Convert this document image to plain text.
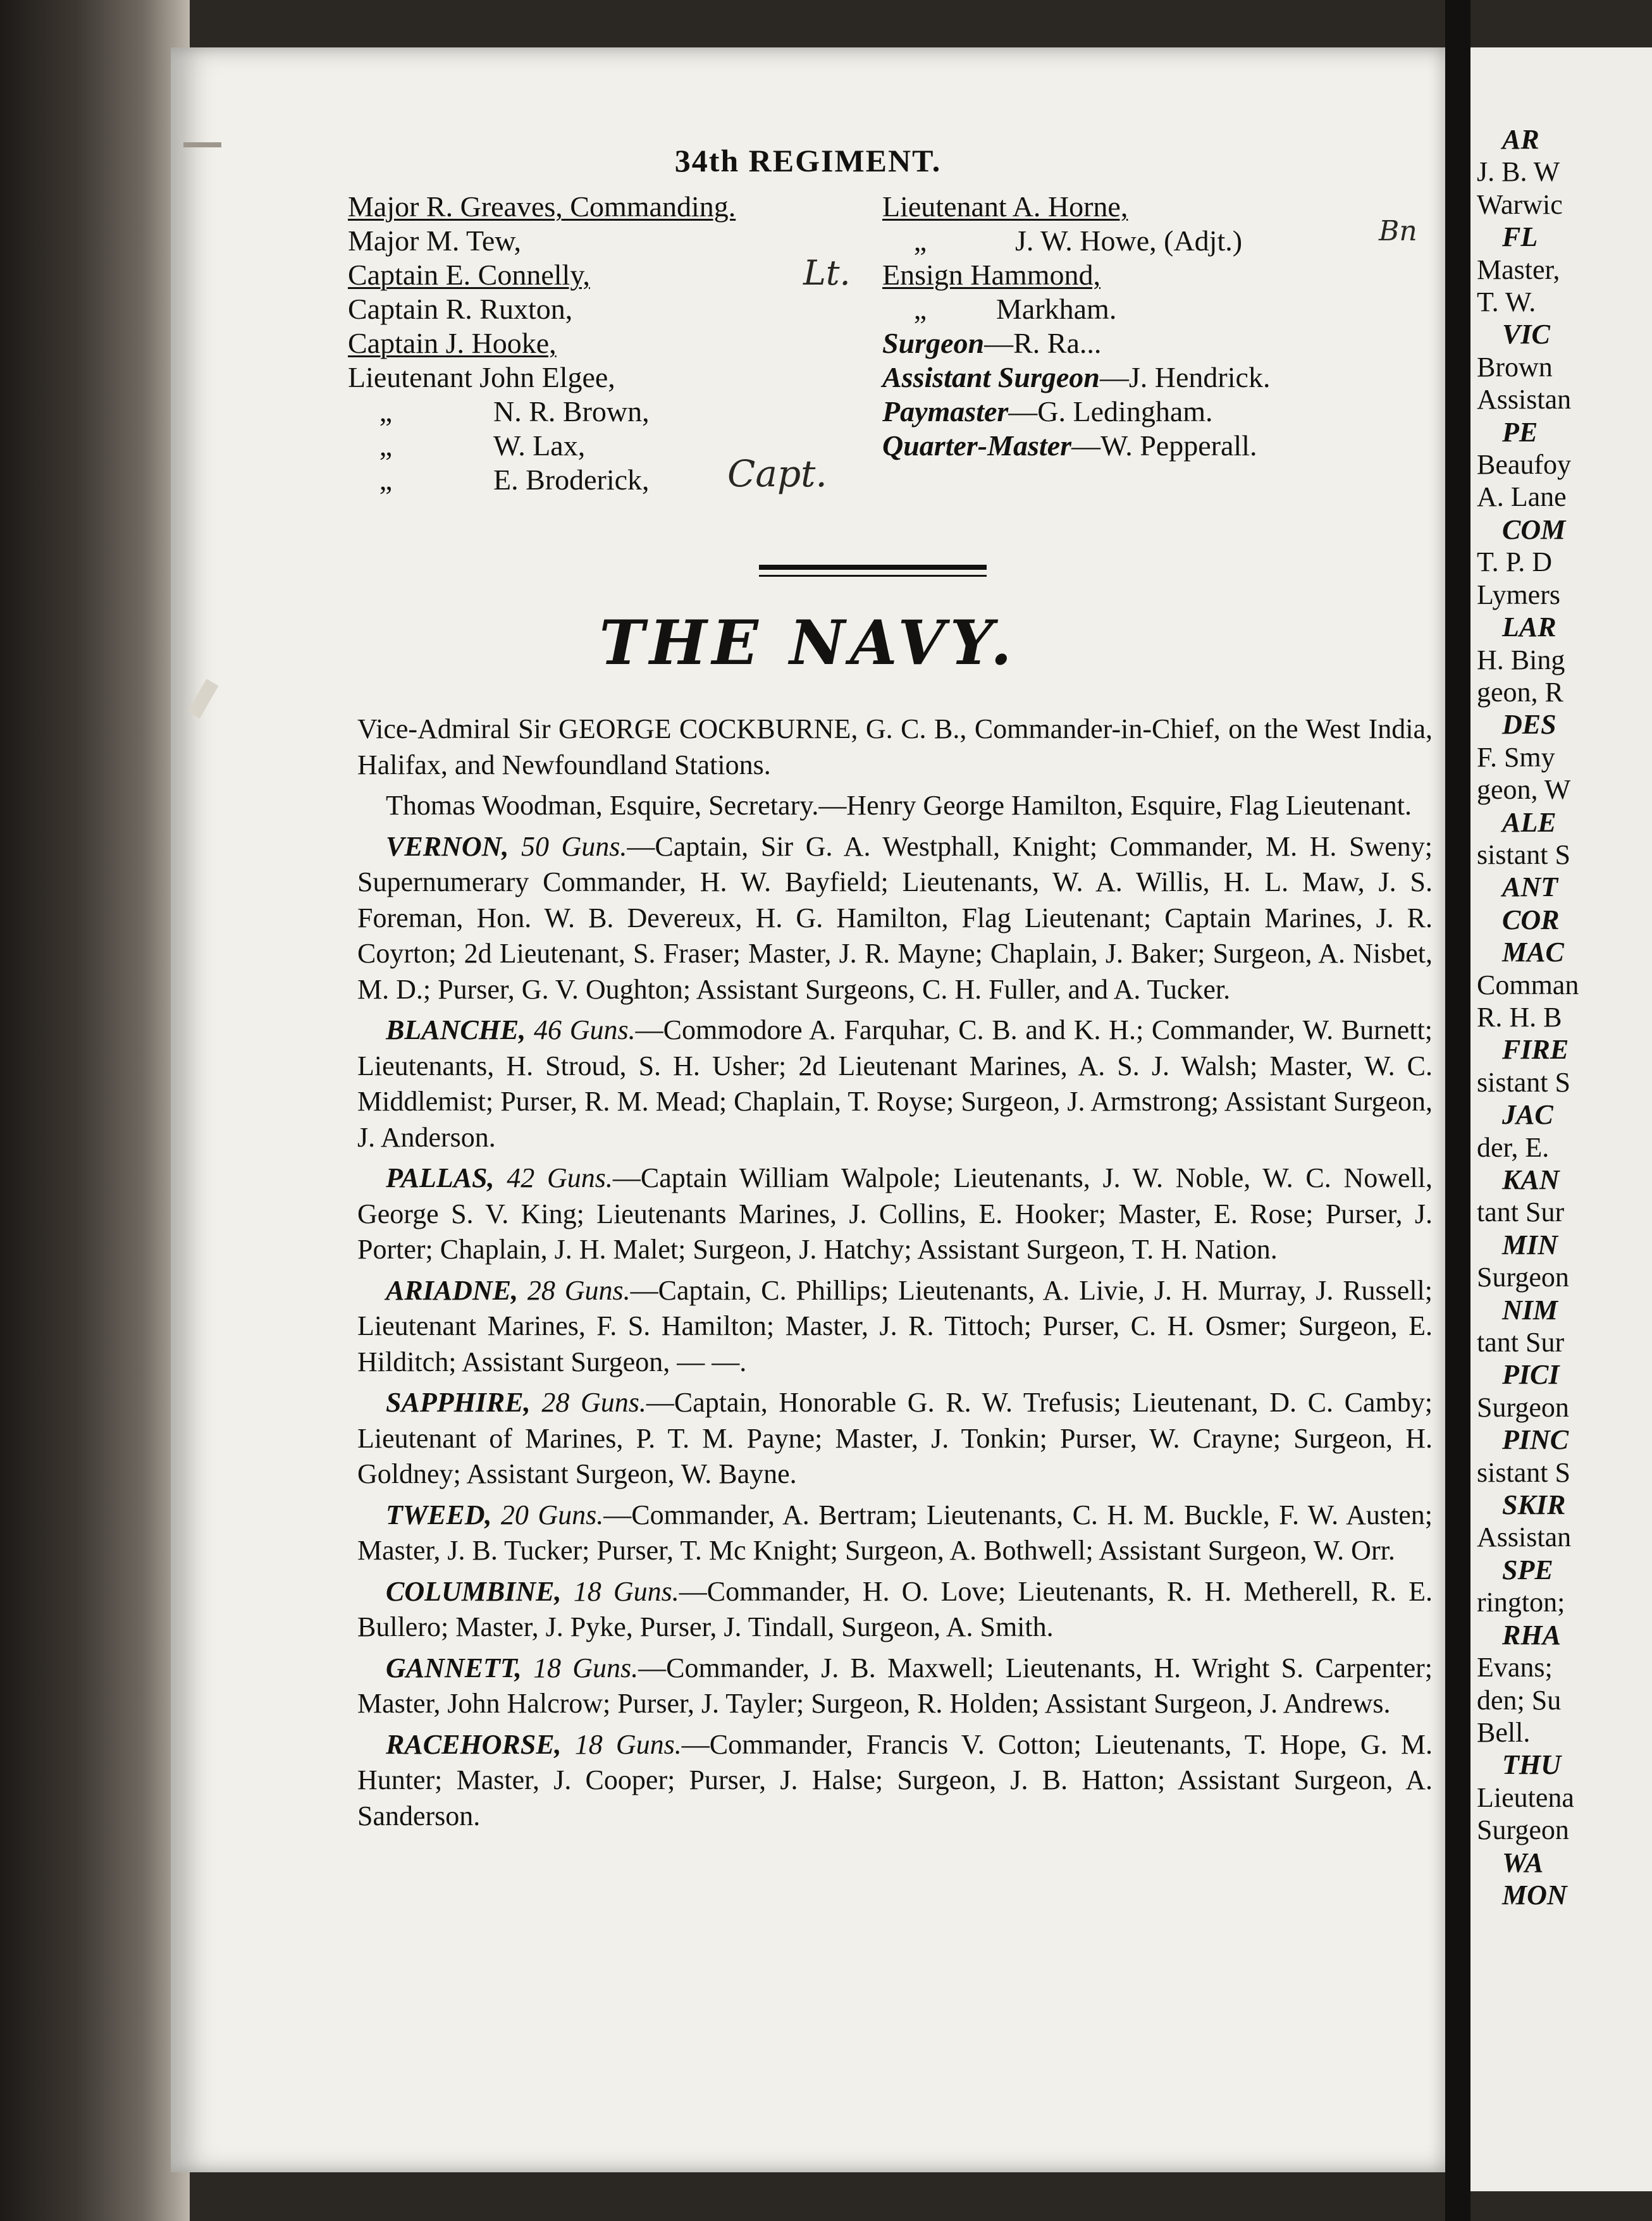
34th REGIMENT.
Major R. Greaves, Commanding.
Major M. Tew,
Captain E. Connelly,
Captain R. Ruxton,
Captain J. Hooke,
Lieutenant John Elgee,
„	N. R. Brown,
„	W. Lax,
„	E. Broderick,
Lieutenant A. Horne,
„	J. W. Howe, (Adjt.)
Ensign Hammond,
„ Markham.
Surgeon—R. Ra...
Assistant Surgeon—J. Hendrick.
Paymaster—G. Ledingham.
Quarter-Master—W. Pepperall.
Capt.
Lt.
Bn
THE NAVY.

Vice-Admiral Sir GEORGE COCKBURNE, G. C. B., Commander-in-Chief, on the West India, Halifax, and Newfoundland Stations.

Thomas Woodman, Esquire, Secretary.—Henry George Hamilton, Esquire, Flag Lieutenant.

VERNON, 50 Guns.—Captain, Sir G. A. Westphall, Knight; Commander, M. H. Sweny; Supernumerary Commander, H. W. Bayfield; Lieutenants, W. A. Willis, H. L. Maw, J. S. Foreman, Hon. W. B. Devereux, H. G. Hamilton, Flag Lieutenant; Captain Marines, J. R. Coyrton; 2d Lieutenant, S. Fraser; Master, J. R. Mayne; Chaplain, J. Baker; Surgeon, A. Nisbet, M. D.; Purser, G. V. Oughton; Assistant Surgeons, C. H. Fuller, and A. Tucker.

BLANCHE, 46 Guns.—Commodore A. Farquhar, C. B. and K. H.; Commander, W. Burnett; Lieutenants, H. Stroud, S. H. Usher; 2d Lieutenant Marines, A. S. J. Walsh; Master, W. C. Middlemist; Purser, R. M. Mead; Chaplain, T. Royse; Surgeon, J. Armstrong; Assistant Surgeon, J. Anderson.

PALLAS, 42 Guns.—Captain William Walpole; Lieutenants, J. W. Noble, W. C. Nowell, George S. V. King; Lieutenants Marines, J. Collins, E. Hooker; Master, E. Rose; Purser, J. Porter; Chaplain, J. H. Malet; Surgeon, J. Hatchy; Assistant Surgeon, T. H. Nation.

ARIADNE, 28 Guns.—Captain, C. Phillips; Lieutenants, A. Livie, J. H. Murray, J. Russell; Lieutenant Marines, F. S. Hamilton; Master, J. R. Tittoch; Purser, C. H. Osmer; Surgeon, E. Hilditch; Assistant Surgeon, — —.

SAPPHIRE, 28 Guns.—Captain, Honorable G. R. W. Trefusis; Lieutenant, D. C. Camby; Lieutenant of Marines, P. T. M. Payne; Master, J. Tonkin; Purser, W. Crayne; Surgeon, H. Goldney; Assistant Surgeon, W. Bayne.

TWEED, 20 Guns.—Commander, A. Bertram; Lieutenants, C. H. M. Buckle, F. W. Austen; Master, J. B. Tucker; Purser, T. Mc Knight; Surgeon, A. Bothwell; Assistant Surgeon, W. Orr.

COLUMBINE, 18 Guns.—Commander, H. O. Love; Lieutenants, R. H. Metherell, R. E. Bullero; Master, J. Pyke, Purser, J. Tindall, Surgeon, A. Smith.

GANNETT, 18 Guns.—Commander, J. B. Maxwell; Lieutenants, H. Wright S. Carpenter; Master, John Halcrow; Purser, J. Tayler; Surgeon, R. Holden; Assistant Surgeon, J. Andrews.

RACEHORSE, 18 Guns.—Commander, Francis V. Cotton; Lieutenants, T. Hope, G. M. Hunter; Master, J. Cooper; Purser, J. Halse; Surgeon, J. B. Hatton; Assistant Surgeon, A. Sanderson.

AR
J. B. W
Warwic
FL
Master,
T. W.
VIC
Brown
Assistan
PE
Beaufoy
A. Lane
COM
T. P. D
Lymers
LAR
H. Bing
geon, R
DES
F. Smy
geon, W
ALE
sistant S
ANT
COR
MAC
Comman
R. H. B
FIRE
sistant S
JAC
der, E.
KAN
tant Sur
MIN
Surgeon
NIM
tant Sur
PICI
Surgeon
PINC
sistant S
SKIR
Assistan
SPE
rington;
RHA
Evans;
den; Su
Bell.
THU
Lieutena
Surgeon
WA
MON
